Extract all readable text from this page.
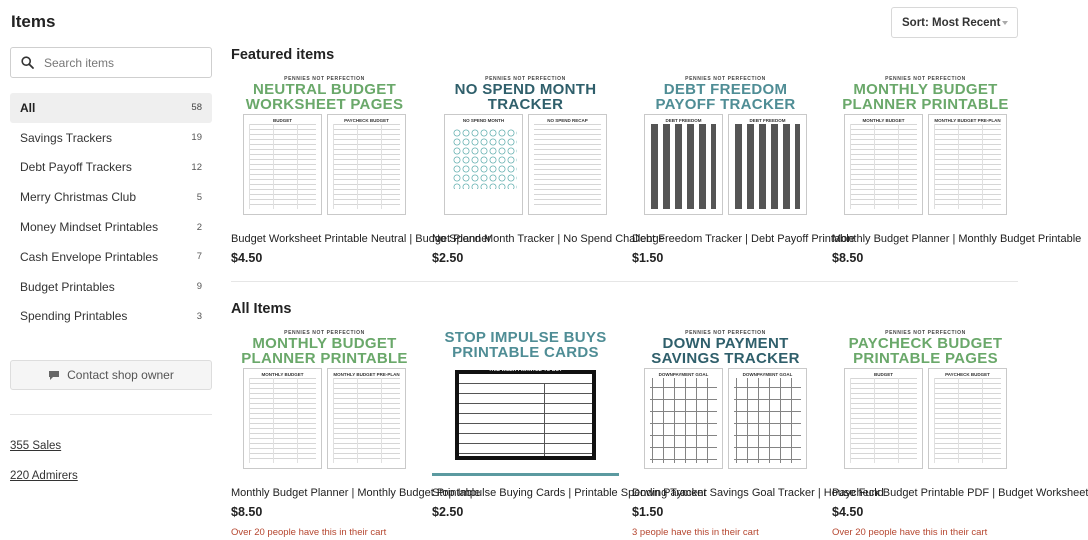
Items
Search items
All	58
Savings Trackers	19
Debt Payoff Trackers	12
Merry Christmas Club	5
Money Mindset Printables	2
Cash Envelope Printables	7
Budget Printables	9
Spending Printables	3
Contact shop owner
355 Sales
220 Admirers
Sort: Most Recent
Featured items
PENNIES NOT PERFECTION
NEUTRAL BUDGET
WORKSHEET PAGES
BUDGET	PAYCHECK BUDGET
Budget Worksheet Printable Neutral | Budget Planner
$4.50
PENNIES NOT PERFECTION
NO SPEND MONTH
TRACKER
NO SPEND MONTH	NO SPEND RECAP
No Spend Month Tracker | No Spend Challenge
$2.50
PENNIES NOT PERFECTION
DEBT FREEDOM
PAYOFF TRACKER
DEBT FREEDOM	DEBT FREEDOM
Debt Freedom Tracker | Debt Payoff Printable
$1.50
PENNIES NOT PERFECTION
MONTHLY BUDGET
PLANNER PRINTABLE
MONTHLY BUDGET	MONTHLY BUDGET PRE-PLAN
Monthly Budget Planner | Monthly Budget Printable
$8.50
All Items
PENNIES NOT PERFECTION
MONTHLY BUDGET
PLANNER PRINTABLE
MONTHLY BUDGET	MONTHLY BUDGET PRE-PLAN
Monthly Budget Planner | Monthly Budget Printable
$8.50
Over 20 people have this in their cart
STOP IMPULSE BUYS
PRINTABLE CARDS
THIS WEEK I WANTED TO BUY
Stop Impulse Buying Cards | Printable Spending Tracker
$2.50
PENNIES NOT PERFECTION
DOWN PAYMENT
SAVINGS TRACKER
DOWNPAYMENT GOAL	DOWNPAYMENT GOAL
Down Payment Savings Goal Tracker | House Fund
$1.50
3 people have this in their cart
PENNIES NOT PERFECTION
PAYCHECK BUDGET
PRINTABLE PAGES
BUDGET	PAYCHECK BUDGET
Paycheck Budget Printable PDF | Budget Worksheet
$4.50
Over 20 people have this in their cart
